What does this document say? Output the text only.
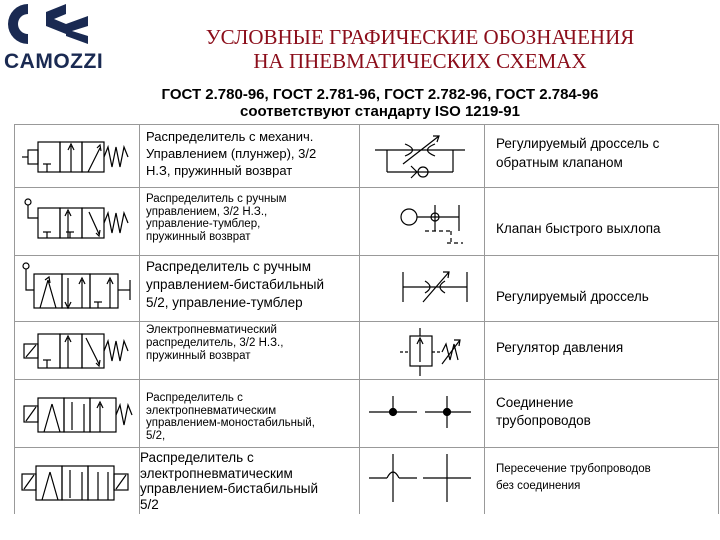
CAMOZZI
УСЛОВНЫЕ ГРАФИЧЕСКИЕ ОБОЗНАЧЕНИЯ
НА ПНЕВМАТИЧЕСКИХ СХЕМАХ
ГОСТ 2.780-96, ГОСТ 2.781-96, ГОСТ 2.782-96, ГОСТ 2.784-96
соответствуют стандарту ISO 1219-91
Распределитель с механич.
Управлением (плунжер), 3/2
Н.З, пружинный возврат
Распределитель с ручным
управлением, 3/2 Н.З.,
управление-тумблер,
пружинный возврат
Распределитель с ручным
управлением-бистабильный
5/2, управление-тумблер
Электропневматический
распределитель, 3/2 Н.З.,
пружинный возврат
Распределитель с
электропневматическим
управлением-моностабильный,
5/2,
Распределитель с
электропневматическим
управлением-бистабильный
5/2
Регулируемый дроссель с
обратным клапаном
Клапан быстрого выхлопа
Регулируемый дроссель
Регулятор давления
Соединение
трубопроводов
Пересечение трубопроводов
без соединения
